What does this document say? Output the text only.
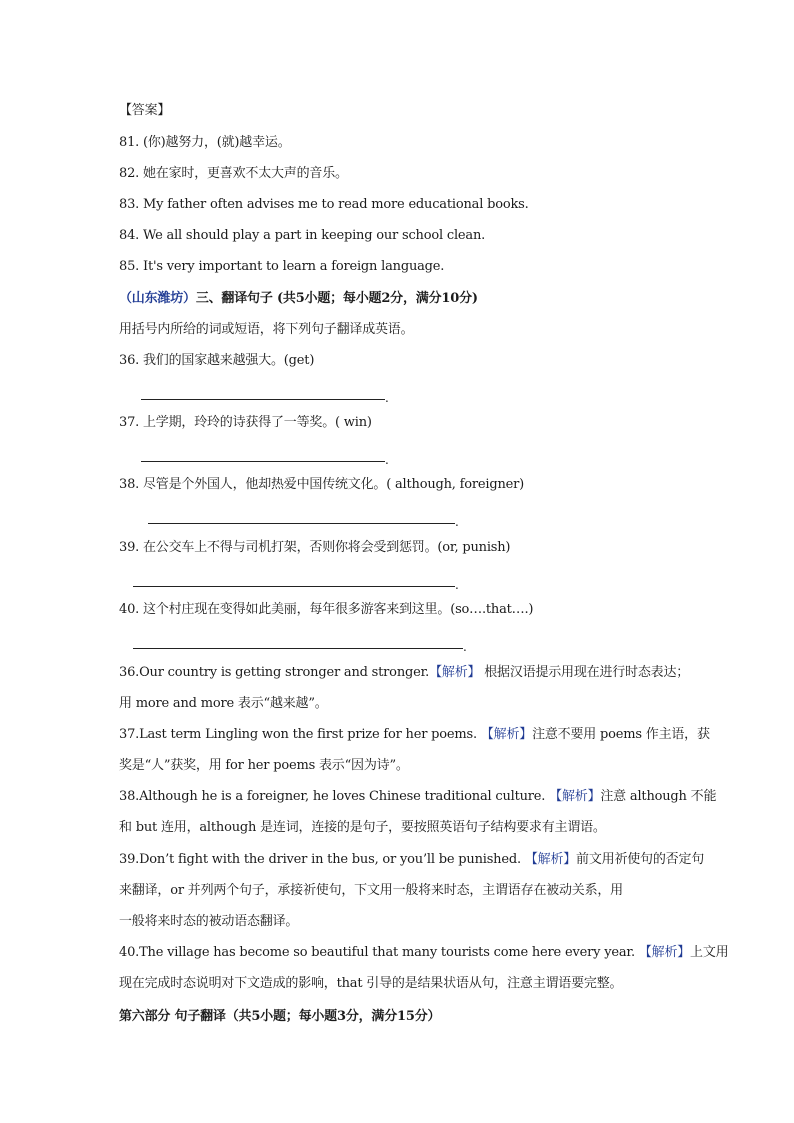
【答案】
81. (你)越努力，(就)越幸运。
82. 她在家时，更喜欢不太大声的音乐。
83. My father often advises me to read more educational books.
84. We all should play a part in keeping our school clean.
85. It's very important to learn a foreign language.
（山东潍坊）三、翻译句子 (共5小题；每小题2分，满分10分)
用括号内所给的词或短语，将下列句子翻译成英语。
36. 我们的国家越来越强大。(get)
.
37. 上学期，玲玲的诗获得了一等奖。( win)
.
38. 尽管是个外国人，他却热爱中国传统文化。( although, foreigner)
.
39. 在公交车上不得与司机打架，否则你将会受到惩罚。(or, punish)
.
40. 这个村庄现在变得如此美丽，每年很多游客来到这里。(so….that….)
.
36.Our country is getting stronger and stronger.【解析】 根据汉语提示用现在进行时态表达；
用 more and more 表示“越来越”。
37.Last term Lingling won the first prize for her poems. 【解析】注意不要用 poems 作主语，获
奖是“人”获奖，用 for her poems 表示“因为诗”。
38.Although he is a foreigner, he loves Chinese traditional culture. 【解析】注意 although 不能
和 but 连用，although 是连词，连接的是句子，要按照英语句子结构要求有主谓语。
39.Don’t fight with the driver in the bus, or you’ll be punished. 【解析】前文用祈使句的否定句
来翻译，or 并列两个句子，承接祈使句，下文用一般将来时态，主谓语存在被动关系，用
一般将来时态的被动语态翻译。
40.The village has become so beautiful that many tourists come here every year. 【解析】上文用
现在完成时态说明对下文造成的影响，that 引导的是结果状语从句，注意主谓语要完整。
第六部分 句子翻译（共5小题；每小题3分，满分15分）
